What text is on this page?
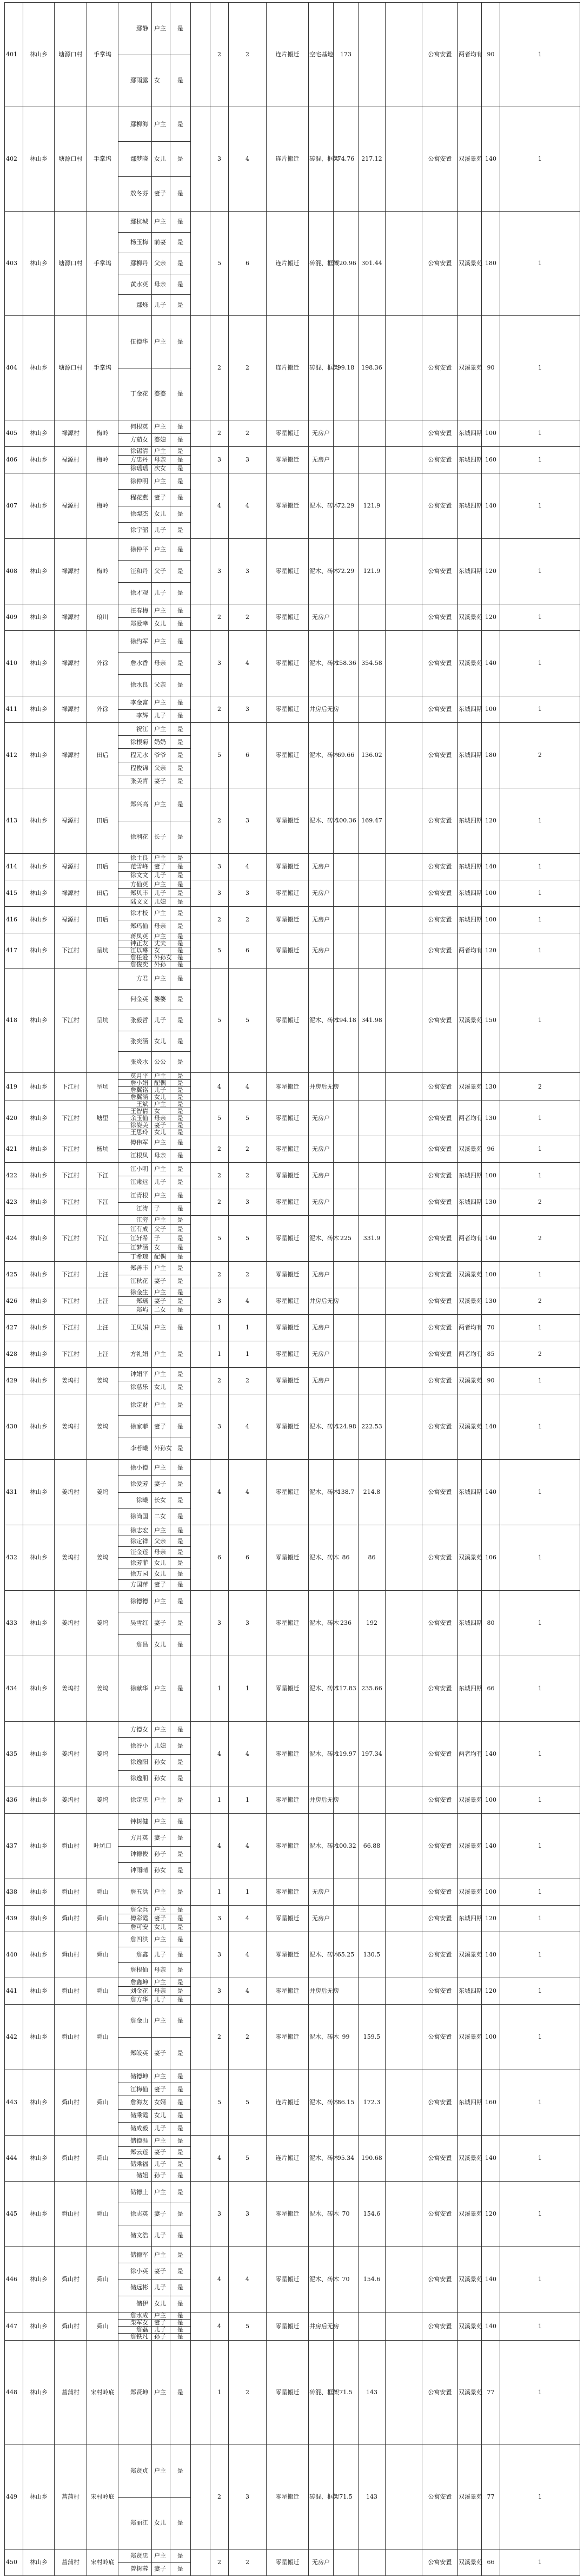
401	林山乡	塘源口村	手掌坞	鄢静	户主	是		2	2	连片搬迁	空宅基地	173			公寓安置	两者均有	90	1	
				鄢雨露	女	是													
402	林山乡	塘源口村	手掌坞	鄢柳海	户主	是		3	4	连片搬迁	砖混、框架	74.76	217.12		公寓安置	双溪景苑	140	1	
				鄢梦晓	女儿	是													
				敖冬芬	妻子	是													
403	林山乡	塘源口村	手掌坞	鄢杭城	户主	是		5	6	连片搬迁	砖混、框架	120.96	301.44		公寓安置	双溪景苑	180	1	
				杨玉梅	前妻	是													
				鄢柳丹	父亲	是													
				黄水英	母亲	是													
				鄢烁	儿子	是													
404	林山乡	塘源口村	手掌坞	伍德华	户主	是		2	2	连片搬迁	砖混、框架	99.18	198.36		公寓安置	双溪景苑	90	1	
				丁金花	婆婆	是													
405	林山乡	禄源村	梅岭	何根英	户主	是		2	2	零星搬迁	无房户				公寓安置	东城四期	100	1	
				方茹女	婆媳	是													
406	林山乡	禄源村	梅岭	徐锡清	户主	是		3	3	零星搬迁	无房户				公寓安置	东城四期	160	1	
				方忠丹	母亲	是													
				徐瑶瑶	次女	是													
407	林山乡	禄源村	梅岭	徐仲明	户主	是		4	4	零星搬迁	泥木、砖木	72.29	121.9		公寓安置	东城四期	140	1	
				程花燕	妻子	是													
				徐梨杰	女儿	是													
				徐宇韶	儿子	是													
408	林山乡	禄源村	梅岭	徐仲平	户主	是		3	3	零星搬迁	泥木、砖木	72.29	121.9		公寓安置	东城四期	120	1	
				汪和丹	父子	是													
				徐才观	儿子	是													
409	林山乡	禄源村	琅川	汪春梅	户主	是		2	2	零星搬迁	无房户				公寓安置	双溪景苑	120	1	
				郑爱幸	女儿	是													
410	林山乡	禄源村	外徐	徐约军	户主	是		3	4	零星搬迁	泥木、砖木	158.36	354.58		公寓安置	双溪景苑	140	1	
				詹水香	母亲	是													
				徐水良	父亲	是													
411	林山乡	禄源村	外徐	李金富	户主	是		2	3	零星搬迁	井房后无房				公寓安置	东城四期	100	1	
				李辉	儿子	是													
412	林山乡	禄源村	田后	祝江	户主	是		5	6	零星搬迁	泥木、砖木	69.66	136.02		公寓安置	东城四期	180	2	
				徐根菊	奶奶	是													
				程元水	爷爷	是													
				程俊锦	父亲	是													
				张美青	妻子	是													
413	林山乡	禄源村	田后	郑兴高	户主	是		2	3	零星搬迁	泥木、砖木	100.36	169.47		公寓安置	东城四期	120	1	
				徐利花	长子	是													
414	林山乡	禄源村	田后	徐土良	户主	是		3	4	零星搬迁	无房户				公寓安置	东城四期	140	1	
				范雪峰	妻子	是													
				徐文文	儿子	是													
415	林山乡	禄源村	田后	方仙英	户主	是		3	3	零星搬迁	无房户				公寓安置	东城四期	100	1	
				郑贝丰	儿子	是													
				陆文文	儿媳	是													
416	林山乡	禄源村	田后	徐才校	户主	是		2	2	零星搬迁	无房户				公寓安置	东城四期	100	1	
				郑玛仙	母亲	是													
417	林山乡	下江村	呈坑	蒋凤英	户主	是		5	6	零星搬迁	无房户				公寓安置	两者均有	120	1	
				钟正友	丈夫	是													
				江以琳	女	是													
				詹任爱	外孙女	是													
				詹俊奕	外孙	是													
418	林山乡	下江村	呈坑	方君	户主	是		5	5	零星搬迁	泥木、砖木	194.18	341.98		公寓安置	双溪景苑	150	1	
				何金英	婆婆	是													
				张毅哲	儿子	是													
				张奕涵	女儿	是													
				张炎水	公公	是													
419	林山乡	下江村	呈坑	莫月平	户主	是		4	4	零星搬迁	井房后无房				公寓安置	双溪景苑	130	2	
				詹小娟	配偶	是													
				詹翼铭	儿子	是													
				詹翼涵	女儿	是													
420	林山乡	下江村	塘里	王斌	户主	是		5	5	零星搬迁	无房户				公寓安置	两者均有	130	1	
				王智倩	女	是													
				余玉仙	母亲	是													
				徐姿美	妻子	是													
				王思玲	女儿	是													
421	林山乡	下江村	杨坑	傅伟军	户主	是		2	2	零星搬迁	无房户				公寓安置	双溪景苑	96	1	
				江根凤	母亲	是													
422	林山乡	下江村	下江	江小明	户主	是		2	2	零星搬迁	无房户				公寓安置	东城四期	100	1	
				江肃远	儿子	是													
423	林山乡	下江村	下江	江青根	户主	是		2	3	零星搬迁	无房户				公寓安置	东城四期	130	2	
				江涛	子	是													
424	林山乡	下江村	下江	江穷	户主	是		5	5	零星搬迁	泥木、砖木	225	331.9		公寓安置	两者均有	140	2	
				江有成	父子	是													
				江轩希	子	是													
				江梦涵	女	是													
				丁希琼	配偶	是													
425	林山乡	下江村	上汪	郑善丰	户主	是		2	2	零星搬迁	无房户				公寓安置	双溪景苑	100	1	
				江秋花	妻子	是													
426	林山乡	下江村	上汪	徐金生	户主	是		3	4	零星搬迁	井房后无房				公寓安置	双溪景苑	130	2	
				郑瑶	妻子	是													
				郑屿	二女	是													
427	林山乡	下江村	上汪	王凤娟	户主	是		1	1	零星搬迁	无房户				公寓安置	两者均有	70	1	
428	林山乡	下江村	上汪	方礼娟	户主	是		1	1	零星搬迁	无房户				公寓安置	两者均有	85	2	
429	林山乡	姜坞村	姜坞	钟娟平	户主	是		2	2	零星搬迁	无房户				公寓安置	双溪景苑	90	1	
				徐慈乐	女儿	是													
430	林山乡	姜坞村	姜坞	徐定财	户主	是		3	4	零星搬迁	泥木、砖木	124.98	222.53		公寓安置	双溪景苑	140	1	
				徐家菲	妻子	是													
				李若曦	外孙女	是													
431	林山乡	姜坞村	姜坞	徐小德	户主	是		4	4	零星搬迁	泥木、砖木	138.7	214.8		公寓安置	东城四期	140	1	
				徐爱芳	妻子	是													
				徐曦	长女	是													
				徐尚国	二女	是													
432	林山乡	姜坞村	姜坞	徐志宏	户主	是		6	6	零星搬迁	泥木、砖木	86	86		公寓安置	双溪景苑	106	1	
				徐定祥	父亲	是													
				汪金莲	母亲	是													
				徐芳菲	女儿	是													
				徐万园	女儿	是													
				方国萍	妻子	是													
433	林山乡	姜坞村	姜坞	徐德德	户主	是		3	3	零星搬迁	泥木、砖木	236	192		公寓安置	东城四期	80	1	
				吴雪红	妻子	是													
				詹昌	女儿	是													
434	林山乡	姜坞村	姜坞	徐献华	户主	是		1	1	零星搬迁	泥木、砖木	117.83	235.66		公寓安置	东城四期	66	1	
435	林山乡	姜坞村	姜坞	方德女	户主	是		4	4	零星搬迁	泥木、砖木	119.97	197.34		公寓安置	两者均有	140	1	
				徐谷小	儿媳	是													
				徐逸阳	孙女	是													
				徐逸朋	孙女	是													
436	林山乡	姜坞村	姜坞	徐定忠	户主	是		1	1	零星搬迁	井房后无房				公寓安置	双溪景苑	100	1	
437	林山乡	舜山村	叶坑口	钟树健	户主	是		4	4	零星搬迁	泥木、砖木	100.32	66.88		公寓安置	双溪景苑	140	1	
				方月英	妻子	是													
				钟德俊	孙子	是													
				钟雨晴	孙女	是													
438	林山乡	舜山村	舜山	詹五洪	户主	是		1	1	零星搬迁	无房户				公寓安置	双溪景苑	100	1	
439	林山乡	舜山村	舜山	詹全兵	户主	是		3	4	零星搬迁	无房户				公寓安置	东城四期	120	1	
				傅彩霞	妻子	是													
				詹可安	女儿	是													
440	林山乡	舜山村	舜山	詹四洪	户主	是		3	4	零星搬迁	泥木、砖木	65.25	130.5		公寓安置	双溪景苑	140	1	
				詹鑫	儿子	是													
				詹根仙	母亲	是													
441	林山乡	舜山村	舜山	詹鑫坤	户主	是		3	4	零星搬迁	井房后无房				公寓安置	东城四期	120	1	
				刘金花	母亲	是													
				詹方华	儿子	是													
442	林山乡	舜山村	舜山	詹金山	户主	是		2	2	零星搬迁	泥木、砖木	99	159.5		公寓安置	双溪景苑	100	1	
				郑皎英	妻子	是													
443	林山乡	舜山村	舜山	储德坤	户主	是		5	5	连片搬迁	泥木、砖木	86.15	172.3		公寓安置	东城四期	160	1	
				江梅仙	妻子	是													
				詹海友	女婿	是													
				储乘霞	女儿	是													
				储成毅	儿子	是													
444	林山乡	舜山村	舜山	储德涯	户主	是		4	5	连片搬迁	泥木、砖木	95.34	190.68		公寓安置	双溪景苑	140	1	
				郑云莲	妻子	是													
				储乘福	儿子	是													
				储姐	孙子	是													
445	林山乡	舜山村	舜山	储德土	户主	是		3	3	零星搬迁	泥木、砖木	70	154.6		公寓安置	双溪景苑	120	1	
				徐志英	妻子	是													
				储文浩	儿子	是													
446	林山乡	舜山村	舜山	储德军	户主	是		4	4	零星搬迁	泥木、砖木	70	154.6		公寓安置	双溪景苑	140	1	
				徐小英	妻子	是													
				储远彬	儿子	是													
				储伊	女儿	是													
447	林山乡	舜山村	舜山	詹水成	户主	是		4	5	零星搬迁	井房后无房				公寓安置	双溪景苑	140	1	
				柴军女	妻子	是													
				詹磊	儿子	是													
				詹铁凡	孙子	是													
448	林山乡	菖蒲村	宋村岭底	郑贤坤	户主	是		1	2	零星搬迁	砖混、框架	71.5	143		公寓安置	双溪景苑	77	1	
449	林山乡	菖蒲村	宋村岭底	郑贤贞	户主	是		2	3	零星搬迁	砖混、框架	71.5	143		公寓安置	双溪景苑	77	1	
				郑丽江	女儿	是													
450	林山乡	菖蒲村	宋村岭底	郑贤忠	户主	是		2	2	零星搬迁	无房户				公寓安置	双溪景苑	66	1	
				曾树蓉	妻子	是													
